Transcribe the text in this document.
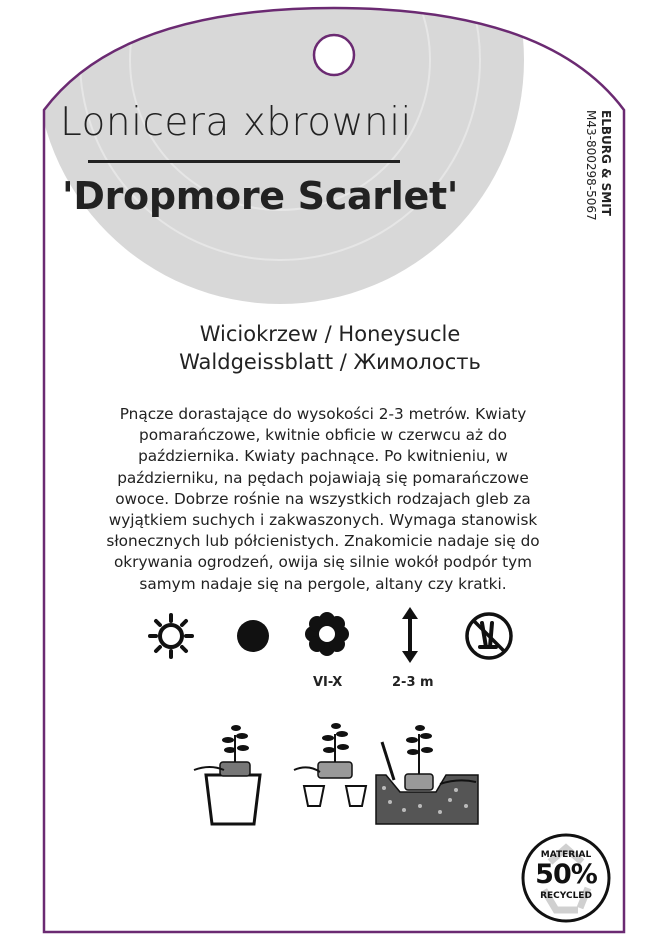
Lonicera xbrownii
'Dropmore Scarlet'	ELBURG & SMIT
M43-800298-5067
Wiciokrzew / Honeysucle
Waldgeissblatt / Жимолость
Pnącze dorastające do wysokości 2-3 metrów. Kwiaty
pomarańczowe, kwitnie obficie w czerwcu aż do
października. Kwiaty pachnące. Po kwitnieniu, w
październiku, na pędach pojawiają się pomarańczowe
owoce. Dobrze rośnie na wszystkich rodzajach gleb za
wyjątkiem suchych i zakwaszonych. Wymaga stanowisk
słonecznych lub półcienistych. Znakomicie nadaje się do
okrywania ogrodzeń, owija się silnie wokół podpór tym
samym nadaje się na pergole, altany czy kratki.
VI-X	2-3 m
MATERIAL
50%
RECYCLED
